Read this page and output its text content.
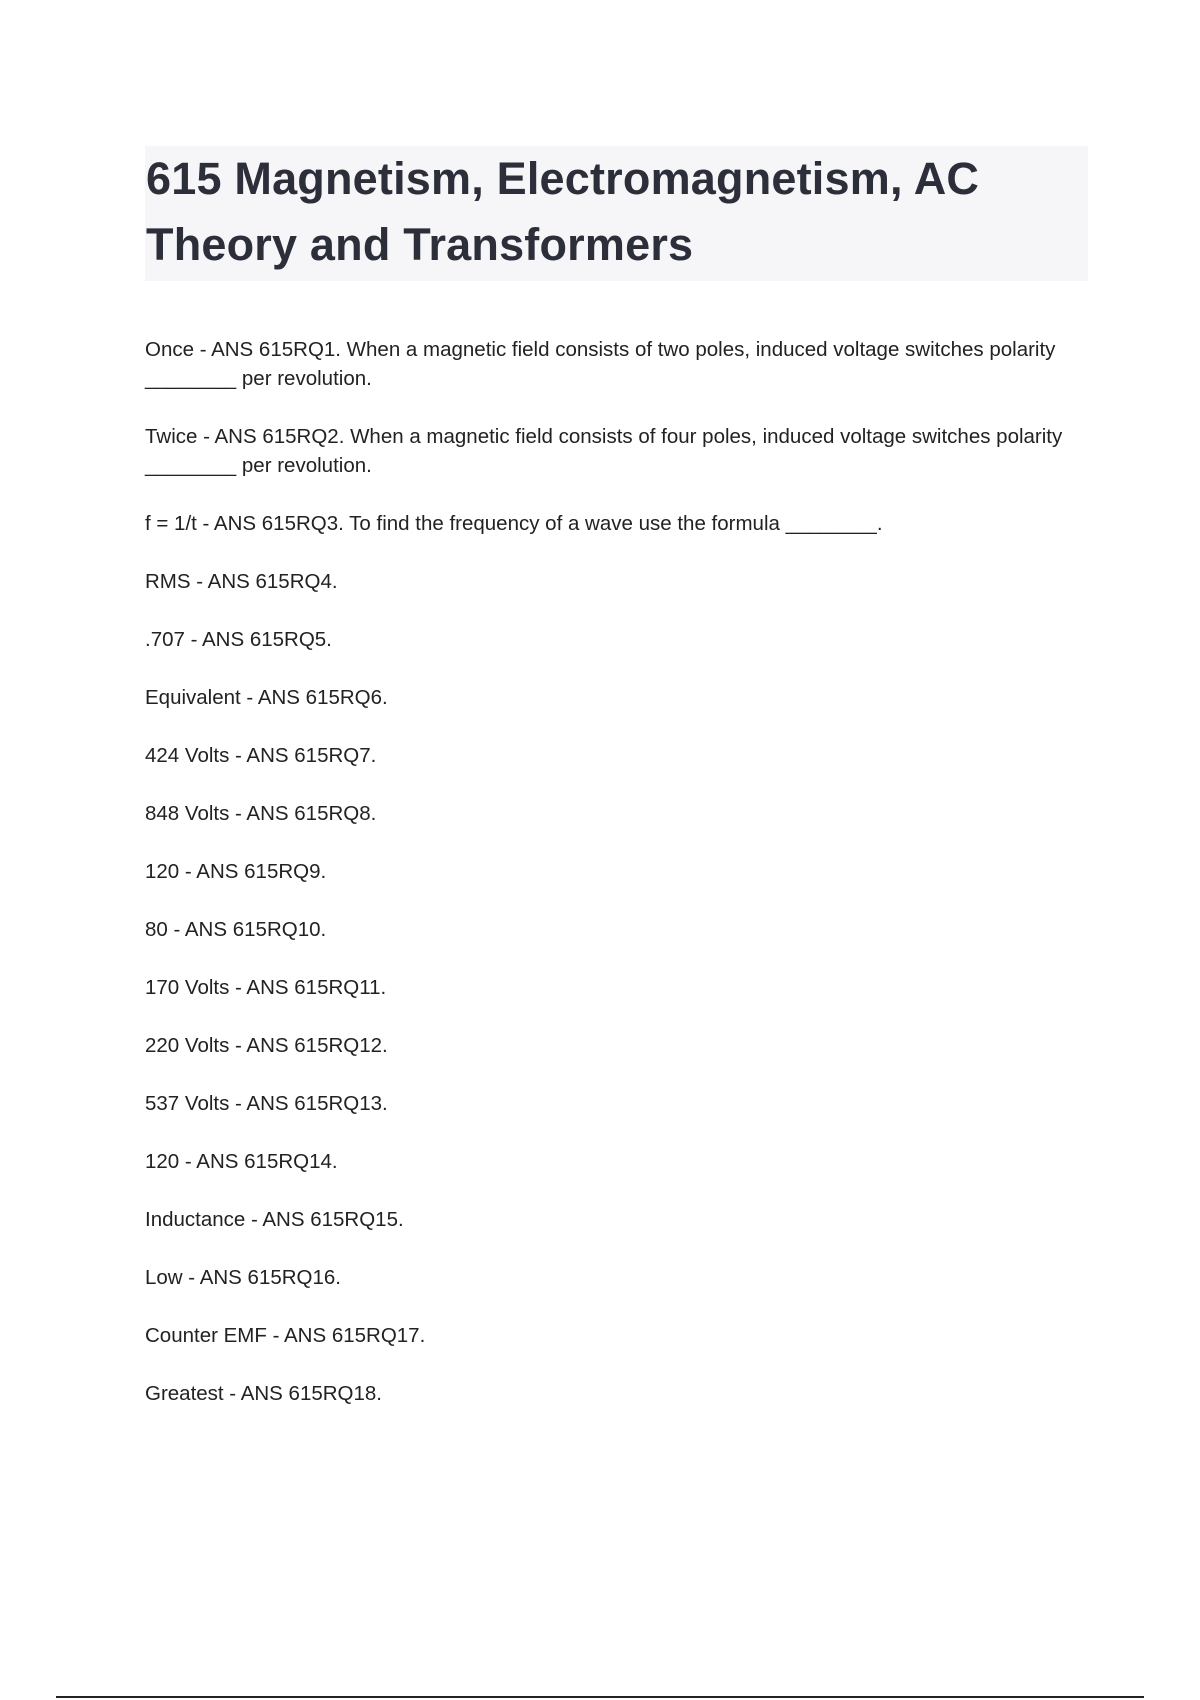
615 Magnetism, Electromagnetism, AC Theory and Transformers

Once - ANS 615RQ1. When a magnetic field consists of two poles, induced voltage switches polarity ________ per revolution.

Twice - ANS 615RQ2. When a magnetic field consists of four poles, induced voltage switches polarity ________ per revolution.

f = 1/t - ANS 615RQ3. To find the frequency of a wave use the formula ________.

RMS - ANS 615RQ4.

.707 - ANS 615RQ5.

Equivalent - ANS 615RQ6.

424 Volts - ANS 615RQ7.

848 Volts - ANS 615RQ8.

120 - ANS 615RQ9.

80 - ANS 615RQ10.

170 Volts - ANS 615RQ11.

220 Volts - ANS 615RQ12.

537 Volts - ANS 615RQ13.

120 - ANS 615RQ14.

Inductance - ANS 615RQ15.

Low - ANS 615RQ16.

Counter EMF - ANS 615RQ17.

Greatest - ANS 615RQ18.
